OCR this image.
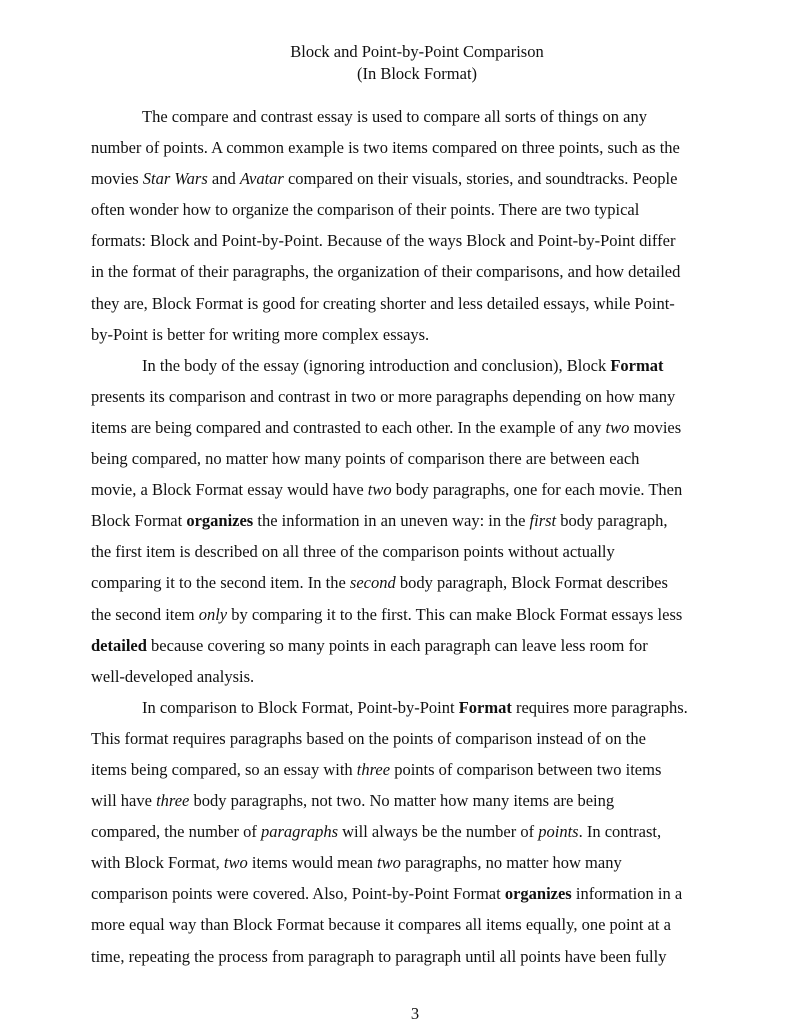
Block and Point-by-Point Comparison
(In Block Format)
The compare and contrast essay is used to compare all sorts of things on any
number of points. A common example is two items compared on three points, such as the
movies Star Wars and Avatar compared on their visuals, stories, and soundtracks. People
often wonder how to organize the comparison of their points. There are two typical
formats: Block and Point-by-Point. Because of the ways Block and Point-by-Point differ
in the format of their paragraphs, the organization of their comparisons, and how detailed
they are, Block Format is good for creating shorter and less detailed essays, while Point-
by-Point is better for writing more complex essays.
In the body of the essay (ignoring introduction and conclusion), Block Format
presents its comparison and contrast in two or more paragraphs depending on how many
items are being compared and contrasted to each other. In the example of any two movies
being compared, no matter how many points of comparison there are between each
movie, a Block Format essay would have two body paragraphs, one for each movie. Then
Block Format organizes the information in an uneven way: in the first body paragraph,
the first item is described on all three of the comparison points without actually
comparing it to the second item. In the second body paragraph, Block Format describes
the second item only by comparing it to the first. This can make Block Format essays less
detailed because covering so many points in each paragraph can leave less room for
well-developed analysis.
In comparison to Block Format, Point-by-Point Format requires more paragraphs.
This format requires paragraphs based on the points of comparison instead of on the
items being compared, so an essay with three points of comparison between two items
will have three body paragraphs, not two. No matter how many items are being
compared, the number of paragraphs will always be the number of points. In contrast,
with Block Format, two items would mean two paragraphs, no matter how many
comparison points were covered. Also, Point-by-Point Format organizes information in a
more equal way than Block Format because it compares all items equally, one point at a
time, repeating the process from paragraph to paragraph until all points have been fully
3
